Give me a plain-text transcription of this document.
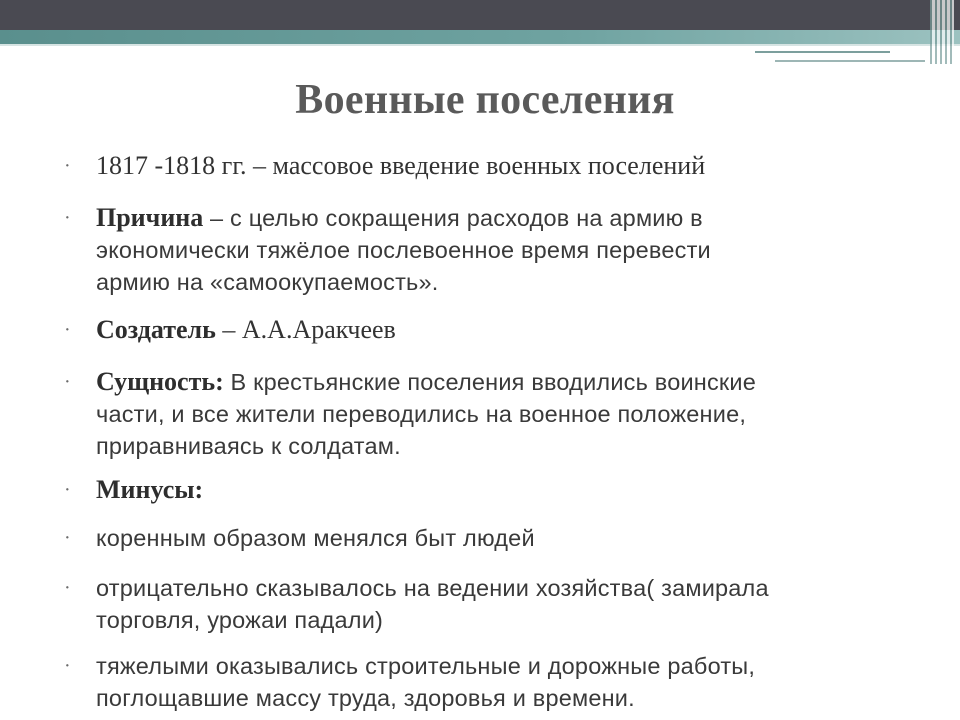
Военные поселения
· 1817 -1818 гг. – массовое введение военных поселений
· Причина – с целью сокращения расходов на армию в
экономически тяжёлое послевоенное время перевести
армию на «самоокупаемость».
· Создатель – А.А.Аракчеев
· Сущность: В крестьянские поселения вводились воинские
части, и все жители переводились на военное положение,
приравниваясь к солдатам.
· Минусы:
·	коренным образом менялся быт людей
·	отрицательно сказывалось на ведении хозяйства( замирала
торговля, урожаи падали)
·	тяжелыми оказывались строительные и дорожные работы,
поглощавшие массу труда, здоровья и времени.
